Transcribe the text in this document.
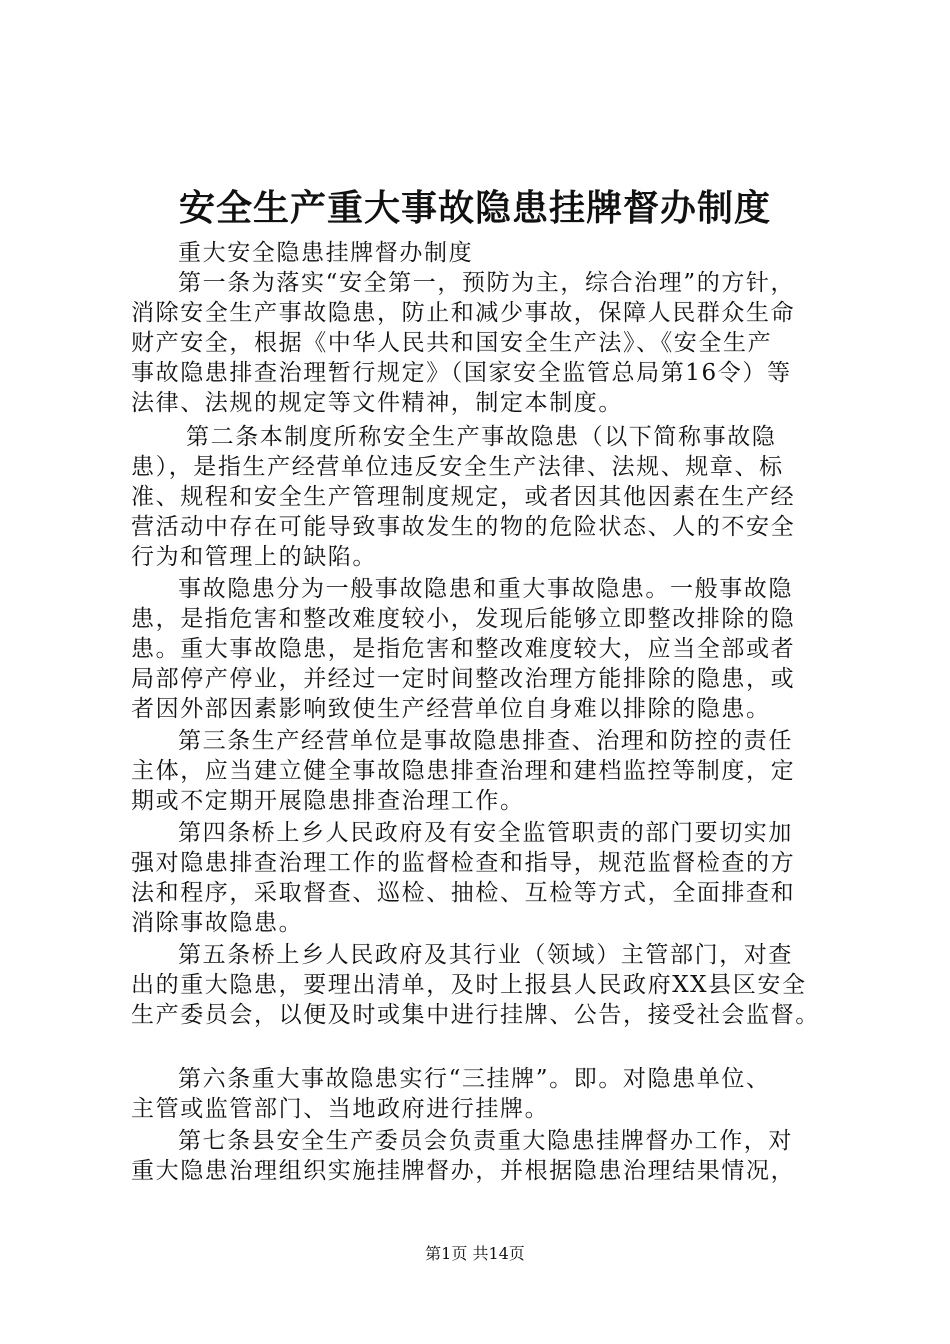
安全生产重大事故隐患挂牌督办制度
重大安全隐患挂牌督办制度
第一条为落实“安全第一，预防为主，综合治理”的方针，
消除安全生产事故隐患，防止和减少事故，保障人民群众生命
财产安全，根据《中华人民共和国安全生产法》、《安全生产
事故隐患排查治理暂行规定》（国家安全监管总局第16令）等
法律、法规的规定等文件精神，制定本制度。
第二条本制度所称安全生产事故隐患（以下简称事故隐
患），是指生产经营单位违反安全生产法律、法规、规章、标
准、规程和安全生产管理制度规定，或者因其他因素在生产经
营活动中存在可能导致事故发生的物的危险状态、人的不安全
行为和管理上的缺陷。
事故隐患分为一般事故隐患和重大事故隐患。一般事故隐
患，是指危害和整改难度较小，发现后能够立即整改排除的隐
患。重大事故隐患，是指危害和整改难度较大，应当全部或者
局部停产停业，并经过一定时间整改治理方能排除的隐患，或
者因外部因素影响致使生产经营单位自身难以排除的隐患。
第三条生产经营单位是事故隐患排查、治理和防控的责任
主体，应当建立健全事故隐患排查治理和建档监控等制度，定
期或不定期开展隐患排查治理工作。
第四条桥上乡人民政府及有安全监管职责的部门要切实加
强对隐患排查治理工作的监督检查和指导，规范监督检查的方
法和程序，采取督查、巡检、抽检、互检等方式，全面排查和
消除事故隐患。
第五条桥上乡人民政府及其行业（领域）主管部门，对查
出的重大隐患，要理出清单，及时上报县人民政府XX县区安全
生产委员会，以便及时或集中进行挂牌、公告，接受社会监督。
第六条重大事故隐患实行“三挂牌”。即。对隐患单位、
主管或监管部门、当地政府进行挂牌。
第七条县安全生产委员会负责重大隐患挂牌督办工作，对
重大隐患治理组织实施挂牌督办，并根据隐患治理结果情况，
第1页 共14页
